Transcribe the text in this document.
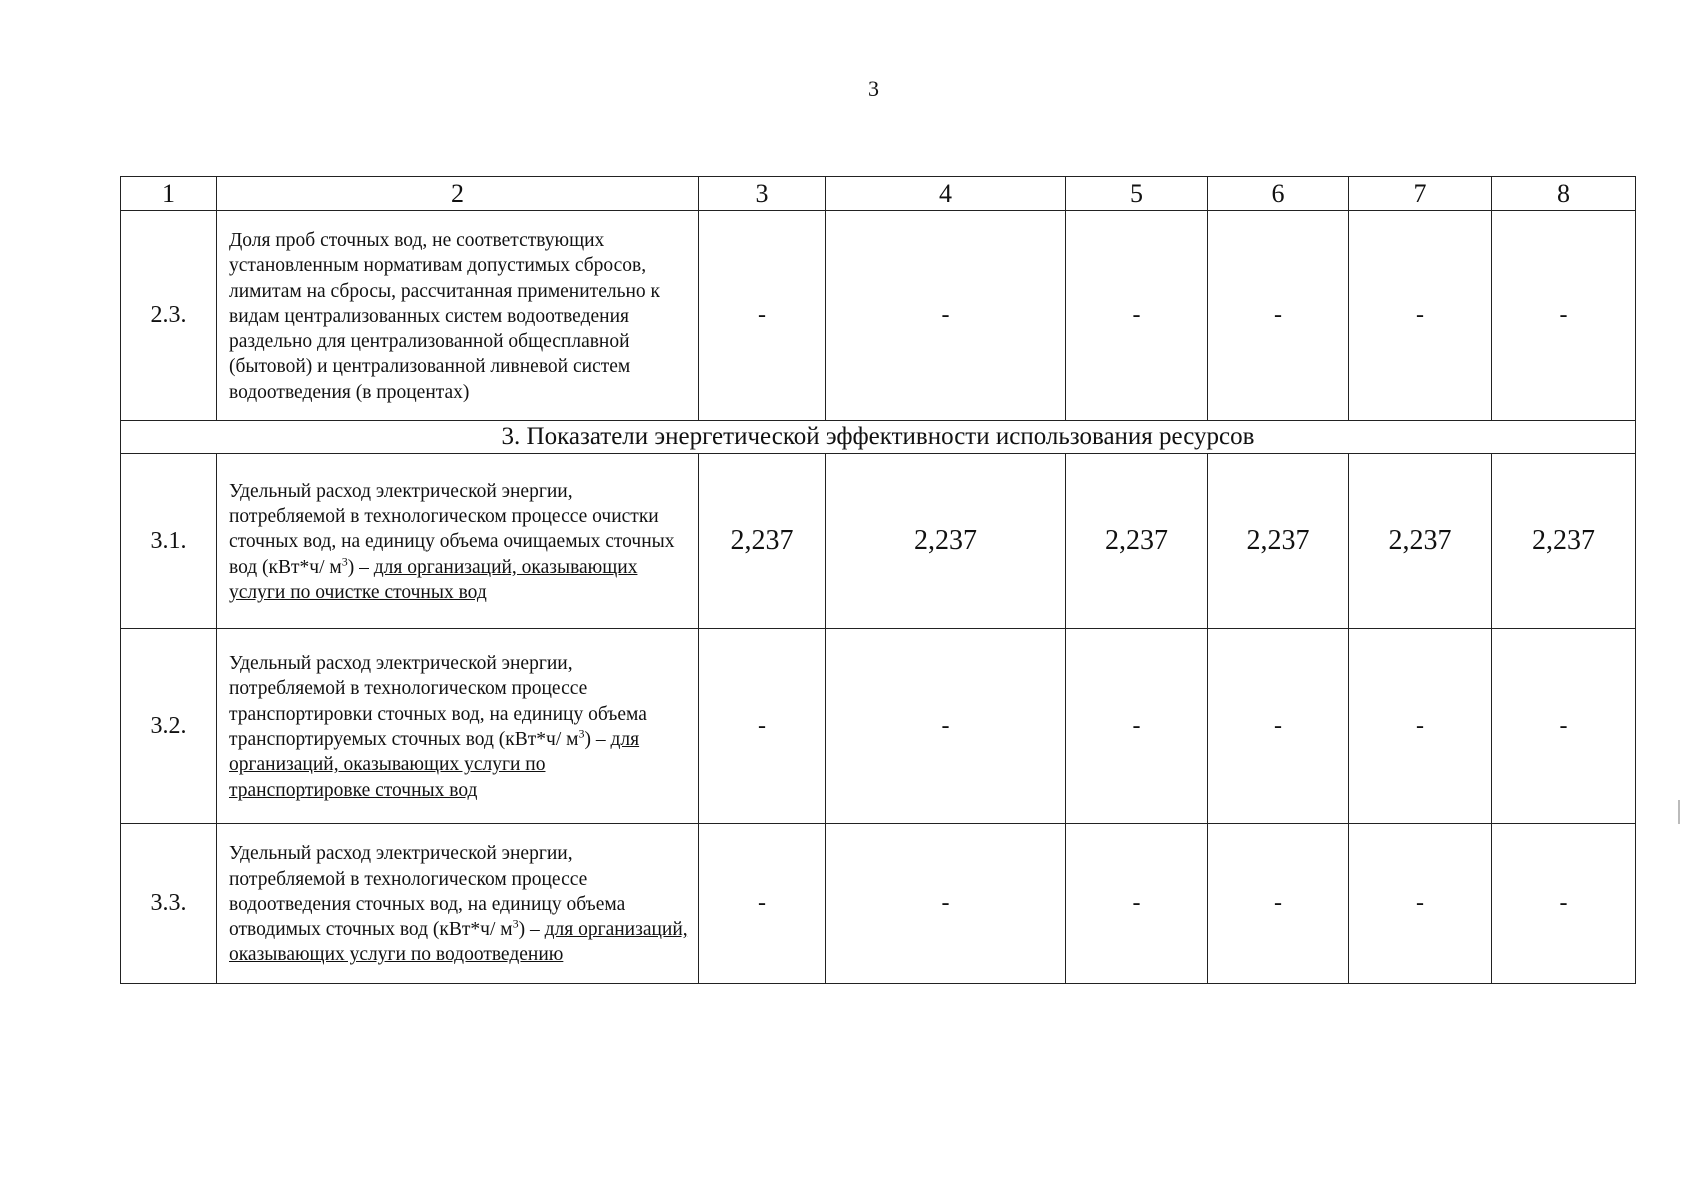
3
1	2	3	4	5	6	7	8
2.3.	Доля проб сточных вод, не соответствующих установленным нормативам допустимых сбросов, лимитам на сбросы, рассчитанная применительно к видам централизованных систем водоотведения раздельно для централизованной общесплавной (бытовой) и централизованной ливневой систем водоотведения (в процентах)	-	-	-	-	-	-
3. Показатели энергетической эффективности использования ресурсов							
3.1.	Удельный расход электрической энергии, потребляемой в технологическом процессе очистки сточных вод, на единицу объема очищаемых сточных вод (кВт*ч/ $м^3$) – для организаций, оказывающих услуги по очистке сточных вод	2,237	2,237	2,237	2,237	2,237	2,237
3.2.	Удельный расход электрической энергии, потребляемой в технологическом процессе транспортировки сточных вод, на единицу объема транспортируемых сточных вод (кВт*ч/ $м^3$) – для организаций, оказывающих услуги по транспортировке сточных вод	-	-	-	-	-	-
3.3.	Удельный расход электрической энергии, потребляемой в технологическом процессе водоотведения сточных вод, на единицу объема отводимых сточных вод (кВт*ч/ $м^3$) – для организаций, оказывающих услуги по водоотведению	-	-	-	-	-	-
